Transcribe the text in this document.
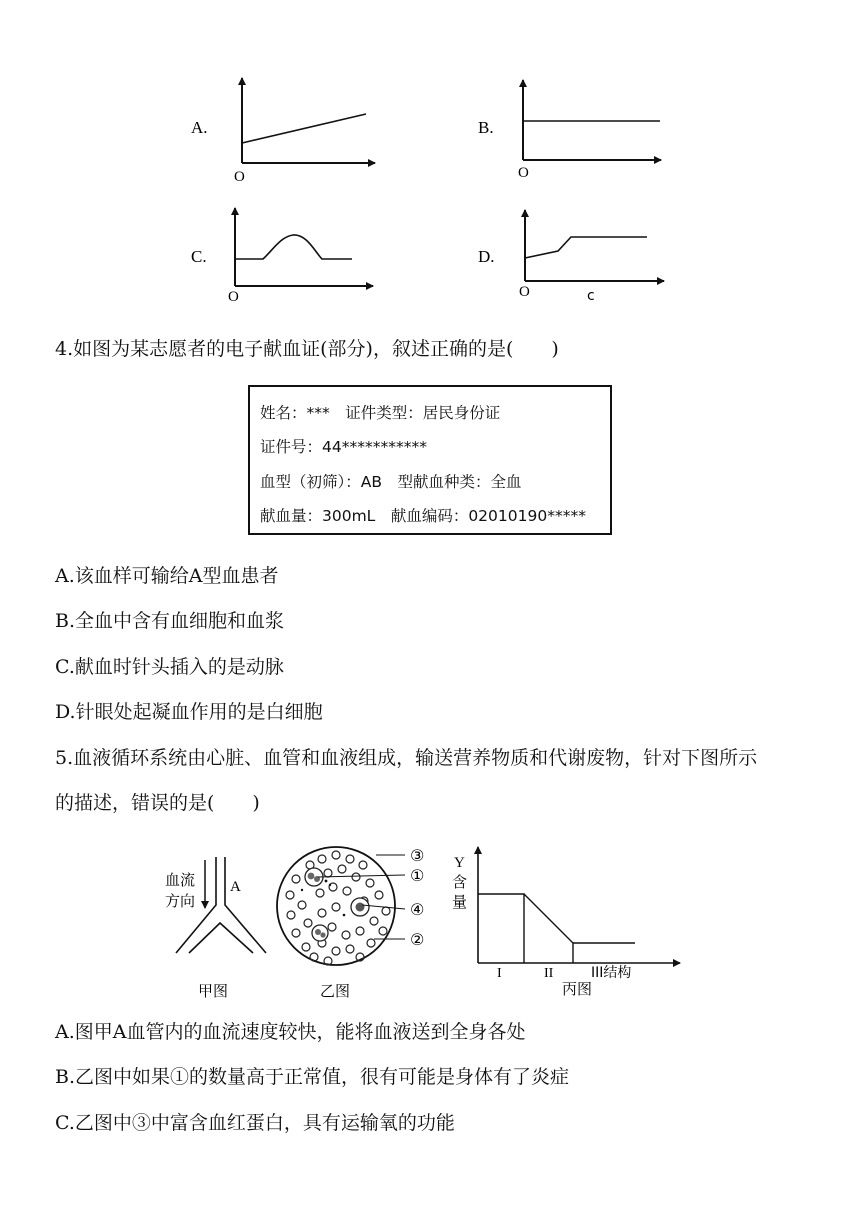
A.
O
B.
O
C.
O
D.
O	c
4.如图为某志愿者的电子献血证(部分)，叙述正确的是(　　)
姓名：***　证件类型：居民身份证
证件号：44***********
血型（初筛）：AB　型献血种类：全血
献血量：300mL　献血编码：02010190*****
A.该血样可输给A型血患者
B.全血中含有血细胞和血浆
C.献血时针头插入的是动脉
D.针眼处起凝血作用的是白细胞
5.血液循环系统由心脏、血管和血液组成，输送营养物质和代谢废物，针对下图所示
的描述，错误的是(　　)
血流
方向
A
甲图
③
①
④
②
乙图
Y
含
量
I	II	III结构
丙图
A.图甲A血管内的血流速度较快，能将血液送到全身各处
B.乙图中如果①的数量高于正常值，很有可能是身体有了炎症
C.乙图中③中富含血红蛋白，具有运输氧的功能
